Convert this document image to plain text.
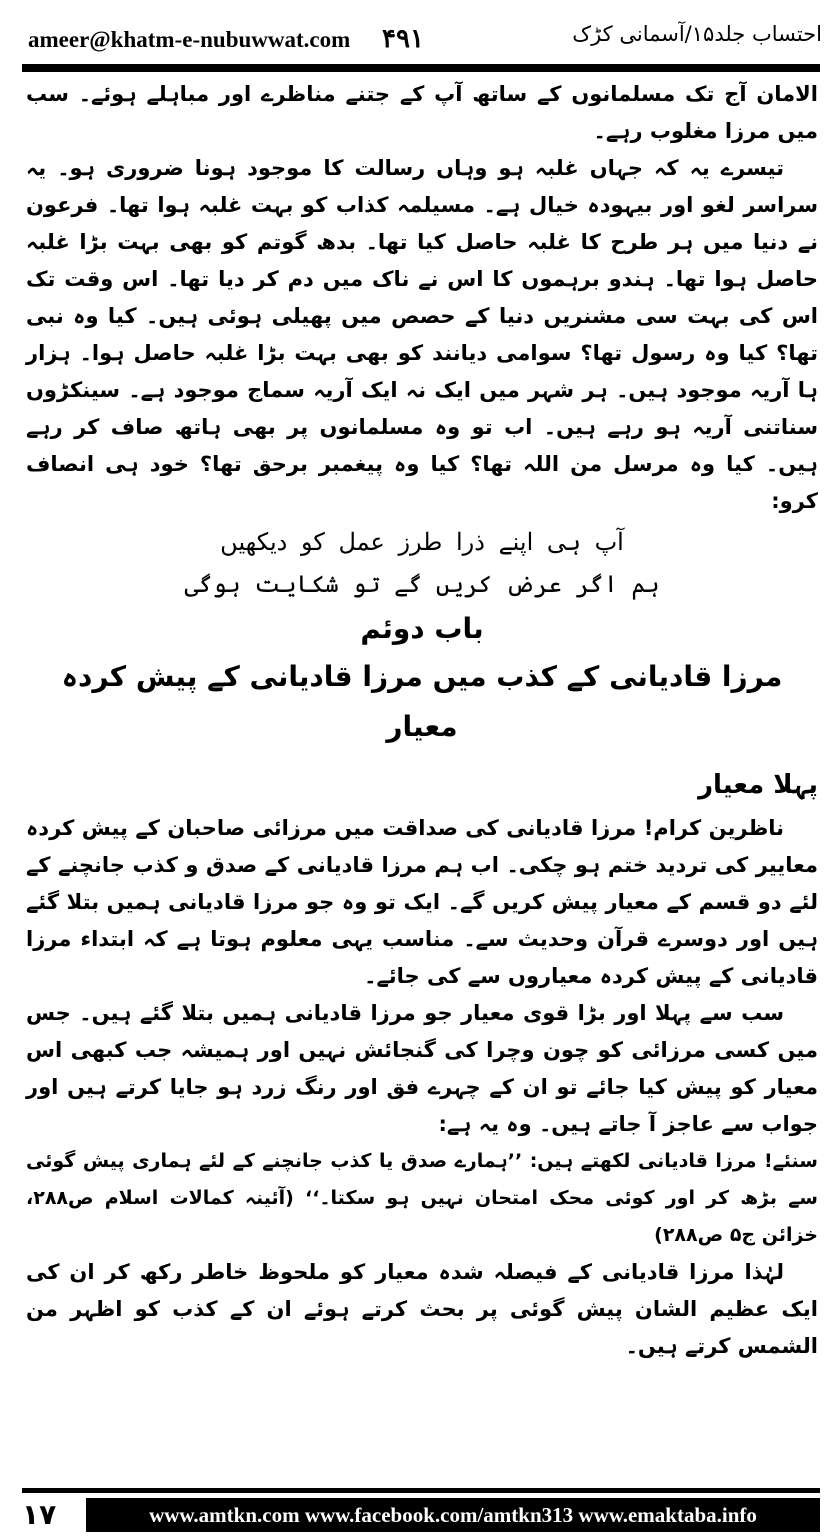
ameer@khatm-e-nubuwwat.com ۴۹۱	احتساب جلد۱۵/آسمانی کڑک

الامان آج تک مسلمانوں کے ساتھ آپ کے جتنے مناظرے اور مباہلے ہوئے۔ سب میں مرزا مغلوب رہے۔

تیسرے یہ کہ جہاں غلبہ ہو وہاں رسالت کا موجود ہونا ضروری ہو۔ یہ سراسر لغو اور بیہودہ خیال ہے۔ مسیلمہ کذاب کو بہت غلبہ ہوا تھا۔ فرعون نے دنیا میں ہر طرح کا غلبہ حاصل کیا تھا۔ بدھ گوتم کو بھی بہت بڑا غلبہ حاصل ہوا تھا۔ ہندو برہموں کا اس نے ناک میں دم کر دیا تھا۔ اس وقت تک اس کی بہت سی مشنریں دنیا کے حصص میں پھیلی ہوئی ہیں۔ کیا وہ نبی تھا؟ کیا وہ رسول تھا؟ سوامی دیانند کو بھی بہت بڑا غلبہ حاصل ہوا۔ ہزار ہا آریہ موجود ہیں۔ ہر شہر میں ایک نہ ایک آریہ سماج موجود ہے۔ سینکڑوں سناتنی آریہ ہو رہے ہیں۔ اب تو وہ مسلمانوں پر بھی ہاتھ صاف کر رہے ہیں۔ کیا وہ مرسل من اللہ تھا؟ کیا وہ پیغمبر برحق تھا؟ خود ہی انصاف کرو:

آپ ہی اپنے ذرا طرز عمل کو دیکھیں

ہم اگر عرض کریں گے تو شکایت ہوگی

باب دوئم

مرزا قادیانی کے کذب میں مرزا قادیانی کے پیش کردہ معیار

پہلا معیار

ناظرین کرام! مرزا قادیانی کی صداقت میں مرزائی صاحبان کے پیش کردہ معاییر کی تردید ختم ہو چکی۔ اب ہم مرزا قادیانی کے صدق و کذب جانچنے کے لئے دو قسم کے معیار پیش کریں گے۔ ایک تو وہ جو مرزا قادیانی ہمیں بتلا گئے ہیں اور دوسرے قرآن وحدیث سے۔ مناسب یہی معلوم ہوتا ہے کہ ابتداء مرزا قادیانی کے پیش کردہ معیاروں سے کی جائے۔

سب سے پہلا اور بڑا قوی معیار جو مرزا قادیانی ہمیں بتلا گئے ہیں۔ جس میں کسی مرزائی کو چون وچرا کی گنجائش نہیں اور ہمیشہ جب کبھی اس معیار کو پیش کیا جائے تو ان کے چہرے فق اور رنگ زرد ہو جایا کرتے ہیں اور جواب سے عاجز آ جاتے ہیں۔ وہ یہ ہے:

سنئے! مرزا قادیانی لکھتے ہیں: ’’ہمارے صدق یا کذب جانچنے کے لئے ہماری پیش گوئی سے بڑھ کر اور کوئی محک امتحان نہیں ہو سکتا۔‘‘ (آئینہ کمالات اسلام ص۲۸۸، خزائن ج۵ ص۲۸۸)

لہٰذا مرزا قادیانی کے فیصلہ شدہ معیار کو ملحوظ خاطر رکھ کر ان کی ایک عظیم الشان پیش گوئی پر بحث کرتے ہوئے ان کے کذب کو اظہر من الشمس کرتے ہیں۔

۱۷	www.amtkn.com www.facebook.com/amtkn313 www.emaktaba.info
